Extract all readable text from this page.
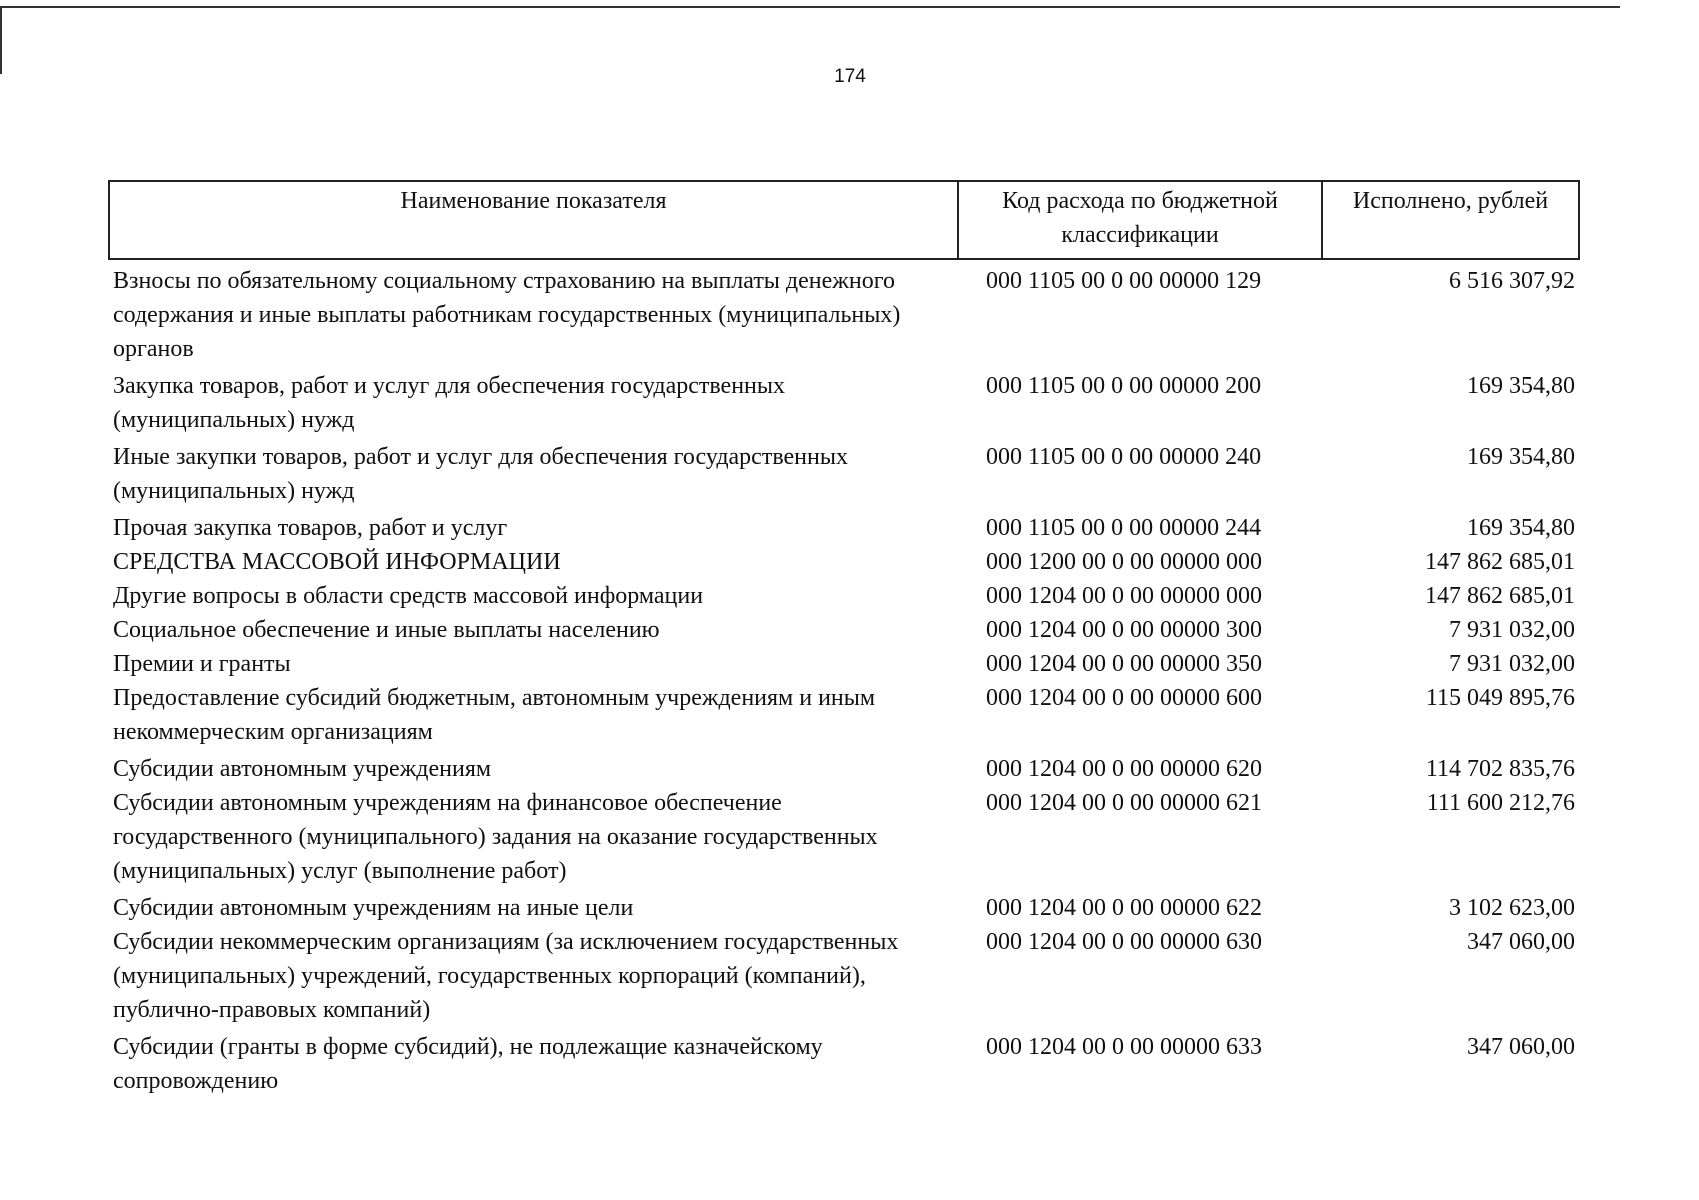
174
Наименование показателя	Код расхода по бюджетной классификации	Исполнено, рублей
Взносы по обязательному социальному страхованию на выплаты денежного содержания и иные выплаты работникам государственных (муниципальных) органов	000 1105 00 0 00 00000 129	6 516 307,92
Закупка товаров, работ и услуг для обеспечения государственных (муниципальных) нужд	000 1105 00 0 00 00000 200	169 354,80
Иные закупки товаров, работ и услуг для обеспечения государственных (муниципальных) нужд	000 1105 00 0 00 00000 240	169 354,80
Прочая закупка товаров, работ и услуг	000 1105 00 0 00 00000 244	169 354,80
СРЕДСТВА МАССОВОЙ ИНФОРМАЦИИ	000 1200 00 0 00 00000 000	147 862 685,01
Другие вопросы в области средств массовой информации	000 1204 00 0 00 00000 000	147 862 685,01
Социальное обеспечение и иные выплаты населению	000 1204 00 0 00 00000 300	7 931 032,00
Премии и гранты	000 1204 00 0 00 00000 350	7 931 032,00
Предоставление субсидий бюджетным, автономным учреждениям и иным некоммерческим организациям	000 1204 00 0 00 00000 600	115 049 895,76
Субсидии автономным учреждениям	000 1204 00 0 00 00000 620	114 702 835,76
Субсидии автономным учреждениям на финансовое обеспечение государственного (муниципального) задания на оказание государственных (муниципальных) услуг (выполнение работ)	000 1204 00 0 00 00000 621	111 600 212,76
Субсидии автономным учреждениям на иные цели	000 1204 00 0 00 00000 622	3 102 623,00
Субсидии некоммерческим организациям (за исключением государственных (муниципальных) учреждений, государственных корпораций (компаний), публично-правовых компаний)	000 1204 00 0 00 00000 630	347 060,00
Субсидии (гранты в форме субсидий), не подлежащие казначейскому сопровождению	000 1204 00 0 00 00000 633	347 060,00
